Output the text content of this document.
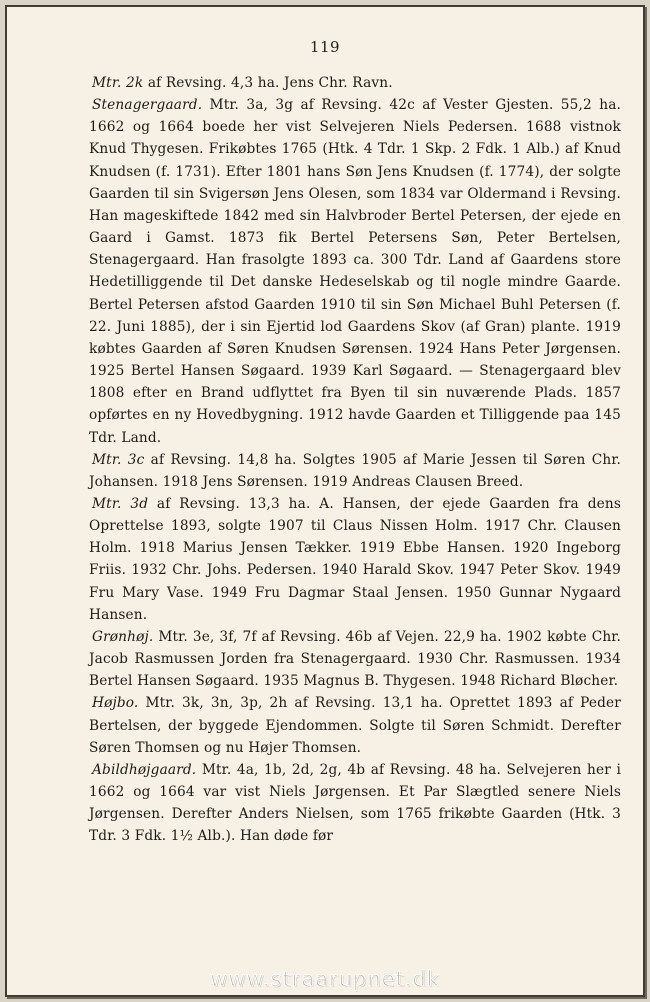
119

Mtr. 2k af Revsing. 4,3 ha. Jens Chr. Ravn.

Stenagergaard. Mtr. 3a, 3g af Revsing. 42c af Vester Gjesten. 55,2 ha. 1662 og 1664 boede her vist Selvejeren Niels Pedersen. 1688 vistnok Knud Thygesen. Frikøbtes 1765 (Htk. 4 Tdr. 1 Skp. 2 Fdk. 1 Alb.) af Knud Knudsen (f. 1731). Efter 1801 hans Søn Jens Knudsen (f. 1774), der solgte Gaarden til sin Svigersøn Jens Olesen, som 1834 var Oldermand i Revsing. Han mageskiftede 1842 med sin Halvbroder Bertel Petersen, der ejede en Gaard i Gamst. 1873 fik Bertel Petersens Søn, Peter Bertelsen, Stenagergaard. Han frasolgte 1893 ca. 300 Tdr. Land af Gaardens store Hedetilliggende til Det danske Hedeselskab og til nogle mindre Gaarde. Bertel Petersen afstod Gaarden 1910 til sin Søn Michael Buhl Petersen (f. 22. Juni 1885), der i sin Ejertid lod Gaardens Skov (af Gran) plante. 1919 købtes Gaarden af Søren Knudsen Sørensen. 1924 Hans Peter Jørgensen. 1925 Bertel Hansen Søgaard. 1939 Karl Søgaard. — Stenagergaard blev 1808 efter en Brand udflyttet fra Byen til sin nuværende Plads. 1857 opførtes en ny Hovedbygning. 1912 havde Gaarden et Tilliggende paa 145 Tdr. Land.

Mtr. 3c af Revsing. 14,8 ha. Solgtes 1905 af Marie Jessen til Søren Chr. Johansen. 1918 Jens Sørensen. 1919 Andreas Clausen Breed.

Mtr. 3d af Revsing. 13,3 ha. A. Hansen, der ejede Gaarden fra dens Oprettelse 1893, solgte 1907 til Claus Nissen Holm. 1917 Chr. Clausen Holm. 1918 Marius Jensen Tækker. 1919 Ebbe Hansen. 1920 Ingeborg Friis. 1932 Chr. Johs. Pedersen. 1940 Harald Skov. 1947 Peter Skov. 1949 Fru Mary Vase. 1949 Fru Dagmar Staal Jensen. 1950 Gunnar Nygaard Hansen.

Grønhøj. Mtr. 3e, 3f, 7f af Revsing. 46b af Vejen. 22,9 ha. 1902 købte Chr. Jacob Rasmussen Jorden fra Stenagergaard. 1930 Chr. Rasmussen. 1934 Bertel Hansen Søgaard. 1935 Magnus B. Thygesen. 1948 Richard Bløcher.

Højbo. Mtr. 3k, 3n, 3p, 2h af Revsing. 13,1 ha. Oprettet 1893 af Peder Bertelsen, der byggede Ejendommen. Solgte til Søren Schmidt. Derefter Søren Thomsen og nu Højer Thomsen.

Abildhøjgaard. Mtr. 4a, 1b, 2d, 2g, 4b af Revsing. 48 ha. Selvejeren her i 1662 og 1664 var vist Niels Jørgensen. Et Par Slægtled senere Niels Jørgensen. Derefter Anders Nielsen, som 1765 frikøbte Gaarden (Htk. 3 Tdr. 3 Fdk. 1½ Alb.). Han døde før

www.straarupnet.dk
